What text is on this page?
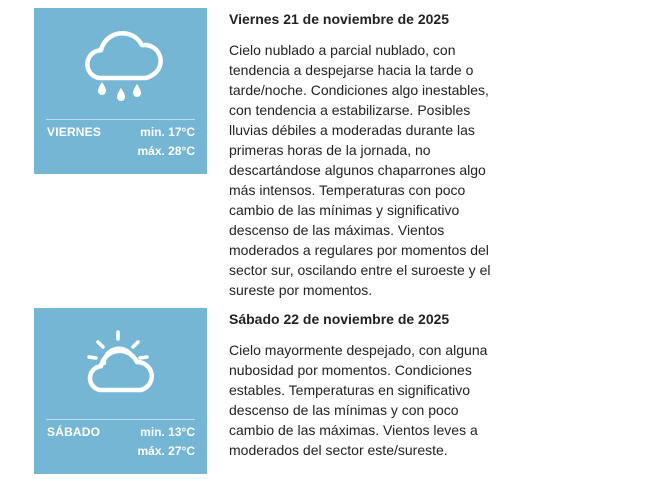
VIERNES	min. 17°C
máx. 28°C
Viernes 21 de noviembre de 2025

Cielo nublado a parcial nublado, con tendencia a despejarse hacia la tarde o tarde/noche. Condiciones algo inestables, con tendencia a estabilizarse. Posibles lluvias débiles a moderadas durante las primeras horas de la jornada, no descartándose algunos chaparrones algo más intensos. Temperaturas con poco cambio de las mínimas y significativo descenso de las máximas. Vientos moderados a regulares por momentos del sector sur, oscilando entre el suroeste y el sureste por momentos.

SÁBADO	min. 13°C
máx. 27°C
Sábado 22 de noviembre de 2025

Cielo mayormente despejado, con alguna nubosidad por momentos. Condiciones estables. Temperaturas en significativo descenso de las mínimas y con poco cambio de las máximas. Vientos leves a moderados del sector este/sureste.
